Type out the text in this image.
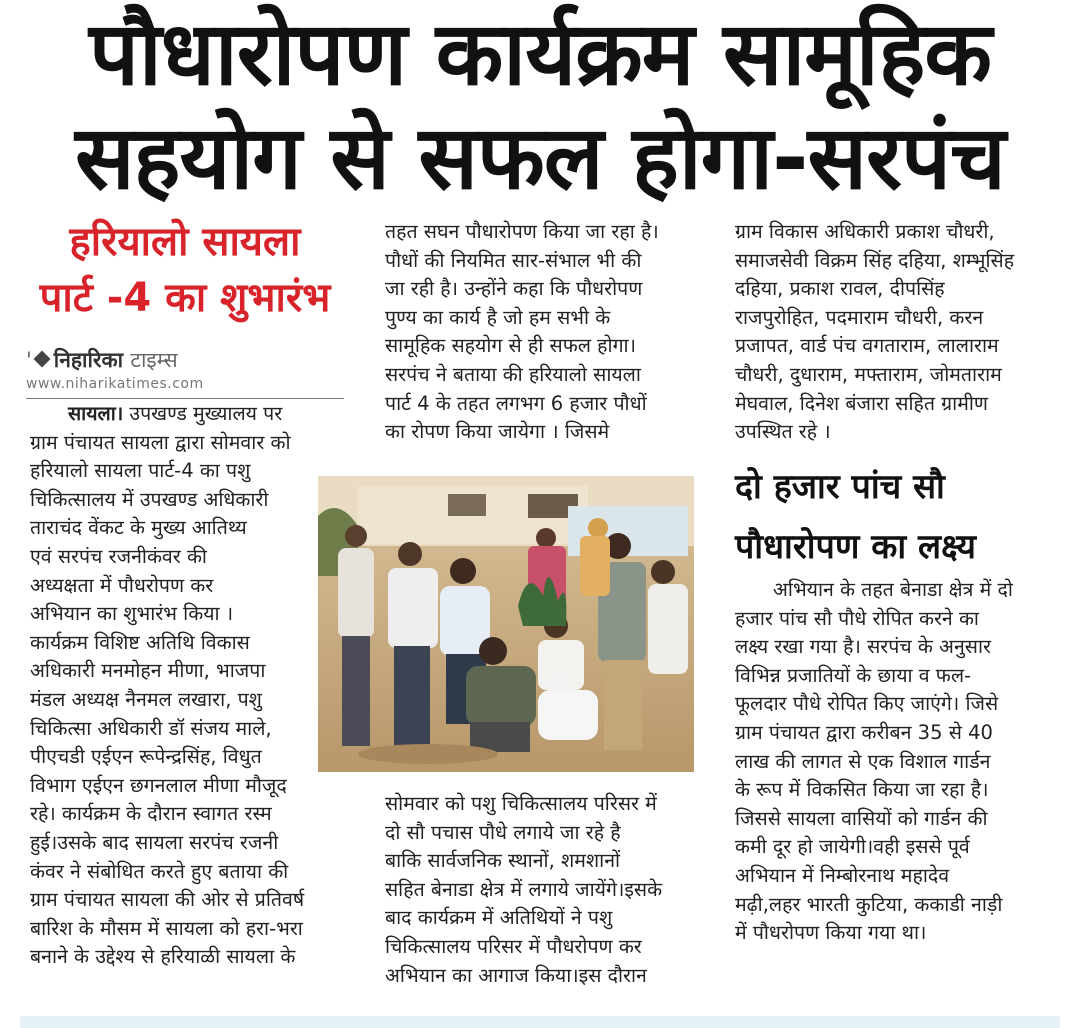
पौधारोपण कार्यक्रम सामूहिक
सहयोग से सफल होगा-सरपंच
हरियालो सायला
पार्ट -4 का शुभारंभ
' निहारिका टाइम्स
www.niharikatimes.com
सायला। उपखण्ड मुख्यालय पर
ग्राम पंचायत सायला द्वारा सोमवार को
हरियालो सायला पार्ट-4 का पशु
चिकित्सालय में उपखण्ड अधिकारी
ताराचंद वेंकट के मुख्य आतिथ्य
एवं सरपंच रजनीकंवर की
अध्यक्षता में पौधरोपण कर
अभियान का शुभारंभ किया ।
कार्यक्रम विशिष्ट अतिथि विकास
अधिकारी मनमोहन मीणा, भाजपा
मंडल अध्यक्ष नैनमल लखारा, पशु
चिकित्सा अधिकारी डॉ संजय माले,
पीएचडी एईएन रूपेन्द्रसिंह, विधुत
विभाग एईएन छगनलाल मीणा मौजूद
रहे। कार्यक्रम के दौरान स्वागत रस्म
हुई।उसके बाद सायला सरपंच रजनी
कंवर ने संबोधित करते हुए बताया की
ग्राम पंचायत सायला की ओर से प्रतिवर्ष
बारिश के मौसम में सायला को हरा-भरा
बनाने के उद्देश्य से हरियाळी सायला के
तहत सघन पौधारोपण किया जा रहा है।
पौधों की नियमित सार-संभाल भी की
जा रही है। उन्होंने कहा कि पौधरोपण
पुण्य का कार्य है जो हम सभी के
सामूहिक सहयोग से ही सफल होगा।
सरपंच ने बताया की हरियालो सायला
पार्ट 4 के तहत लगभग 6 हजार पौधों
का रोपण किया जायेगा । जिसमे
सोमवार को पशु चिकित्सालय परिसर में
दो सौ पचास पौधे लगाये जा रहे है
बाकि सार्वजनिक स्थानों, शमशानों
सहित बेनाडा क्षेत्र में लगाये जायेंगे।इसके
बाद कार्यक्रम में अतिथियों ने पशु
चिकित्सालय परिसर में पौधरोपण कर
अभियान का आगाज किया।इस दौरान
ग्राम विकास अधिकारी प्रकाश चौधरी,
समाजसेवी विक्रम सिंह दहिया, शम्भूसिंह
दहिया, प्रकाश रावल, दीपसिंह
राजपुरोहित, पदमाराम चौधरी, करन
प्रजापत, वार्ड पंच वगताराम, लालाराम
चौधरी, दुधाराम, मफ्ताराम, जोमताराम
मेघवाल, दिनेश बंजारा सहित ग्रामीण
उपस्थित रहे ।
दो हजार पांच सौ
पौधारोपण का लक्ष्य
अभियान के तहत बेनाडा क्षेत्र में दो
हजार पांच सौ पौधे रोपित करने का
लक्ष्य रखा गया है। सरपंच के अनुसार
विभिन्न प्रजातियों के छाया व फल-
फूलदार पौधे रोपित किए जाएंगे। जिसे
ग्राम पंचायत द्वारा करीबन 35 से 40
लाख की लागत से एक विशाल गार्डन
के रूप में विकसित किया जा रहा है।
जिससे सायला वासियों को गार्डन की
कमी दूर हो जायेगी।वही इससे पूर्व
अभियान में निम्बोरनाथ महादेव
मढ़ी,लहर भारती कुटिया, ककाडी नाड़ी
में पौधरोपण किया गया था।
